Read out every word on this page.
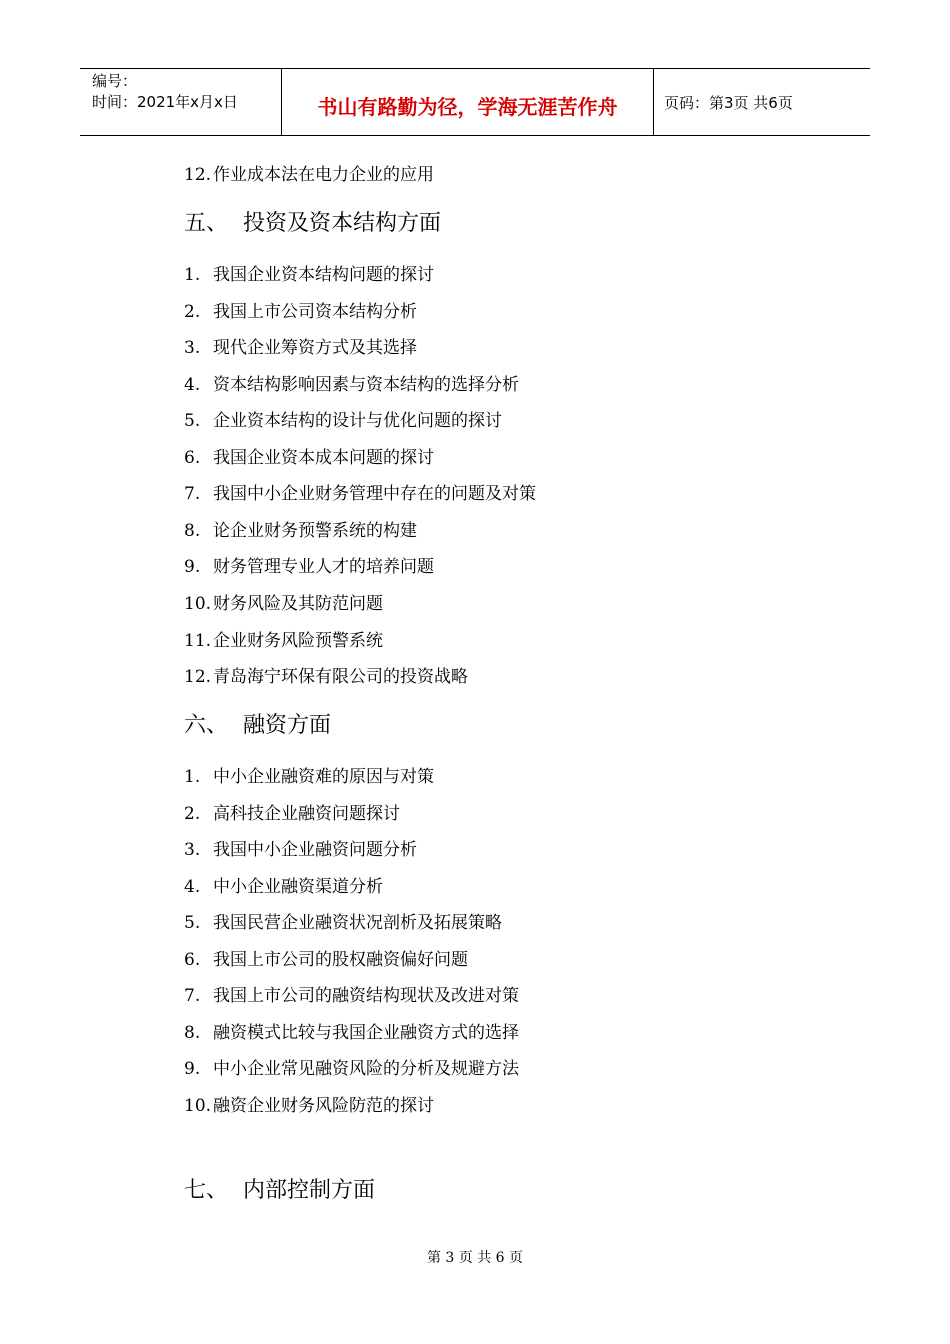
编号：
时间：2021年x月x日	书山有路勤为径，学海无涯苦作舟	页码：第3页 共6页
12. 作业成本法在电力企业的应用
五、 投资及资本结构方面
1. 我国企业资本结构问题的探讨
2. 我国上市公司资本结构分析
3. 现代企业筹资方式及其选择
4. 资本结构影响因素与资本结构的选择分析
5. 企业资本结构的设计与优化问题的探讨
6. 我国企业资本成本问题的探讨
7. 我国中小企业财务管理中存在的问题及对策
8. 论企业财务预警系统的构建
9. 财务管理专业人才的培养问题
10. 财务风险及其防范问题
11. 企业财务风险预警系统
12. 青岛海宁环保有限公司的投资战略
六、 融资方面
1. 中小企业融资难的原因与对策
2. 高科技企业融资问题探讨
3. 我国中小企业融资问题分析
4. 中小企业融资渠道分析
5. 我国民营企业融资状况剖析及拓展策略
6. 我国上市公司的股权融资偏好问题
7. 我国上市公司的融资结构现状及改进对策
8. 融资模式比较与我国企业融资方式的选择
9. 中小企业常见融资风险的分析及规避方法
10. 融资企业财务风险防范的探讨
七、 内部控制方面
第 3 页 共 6 页
